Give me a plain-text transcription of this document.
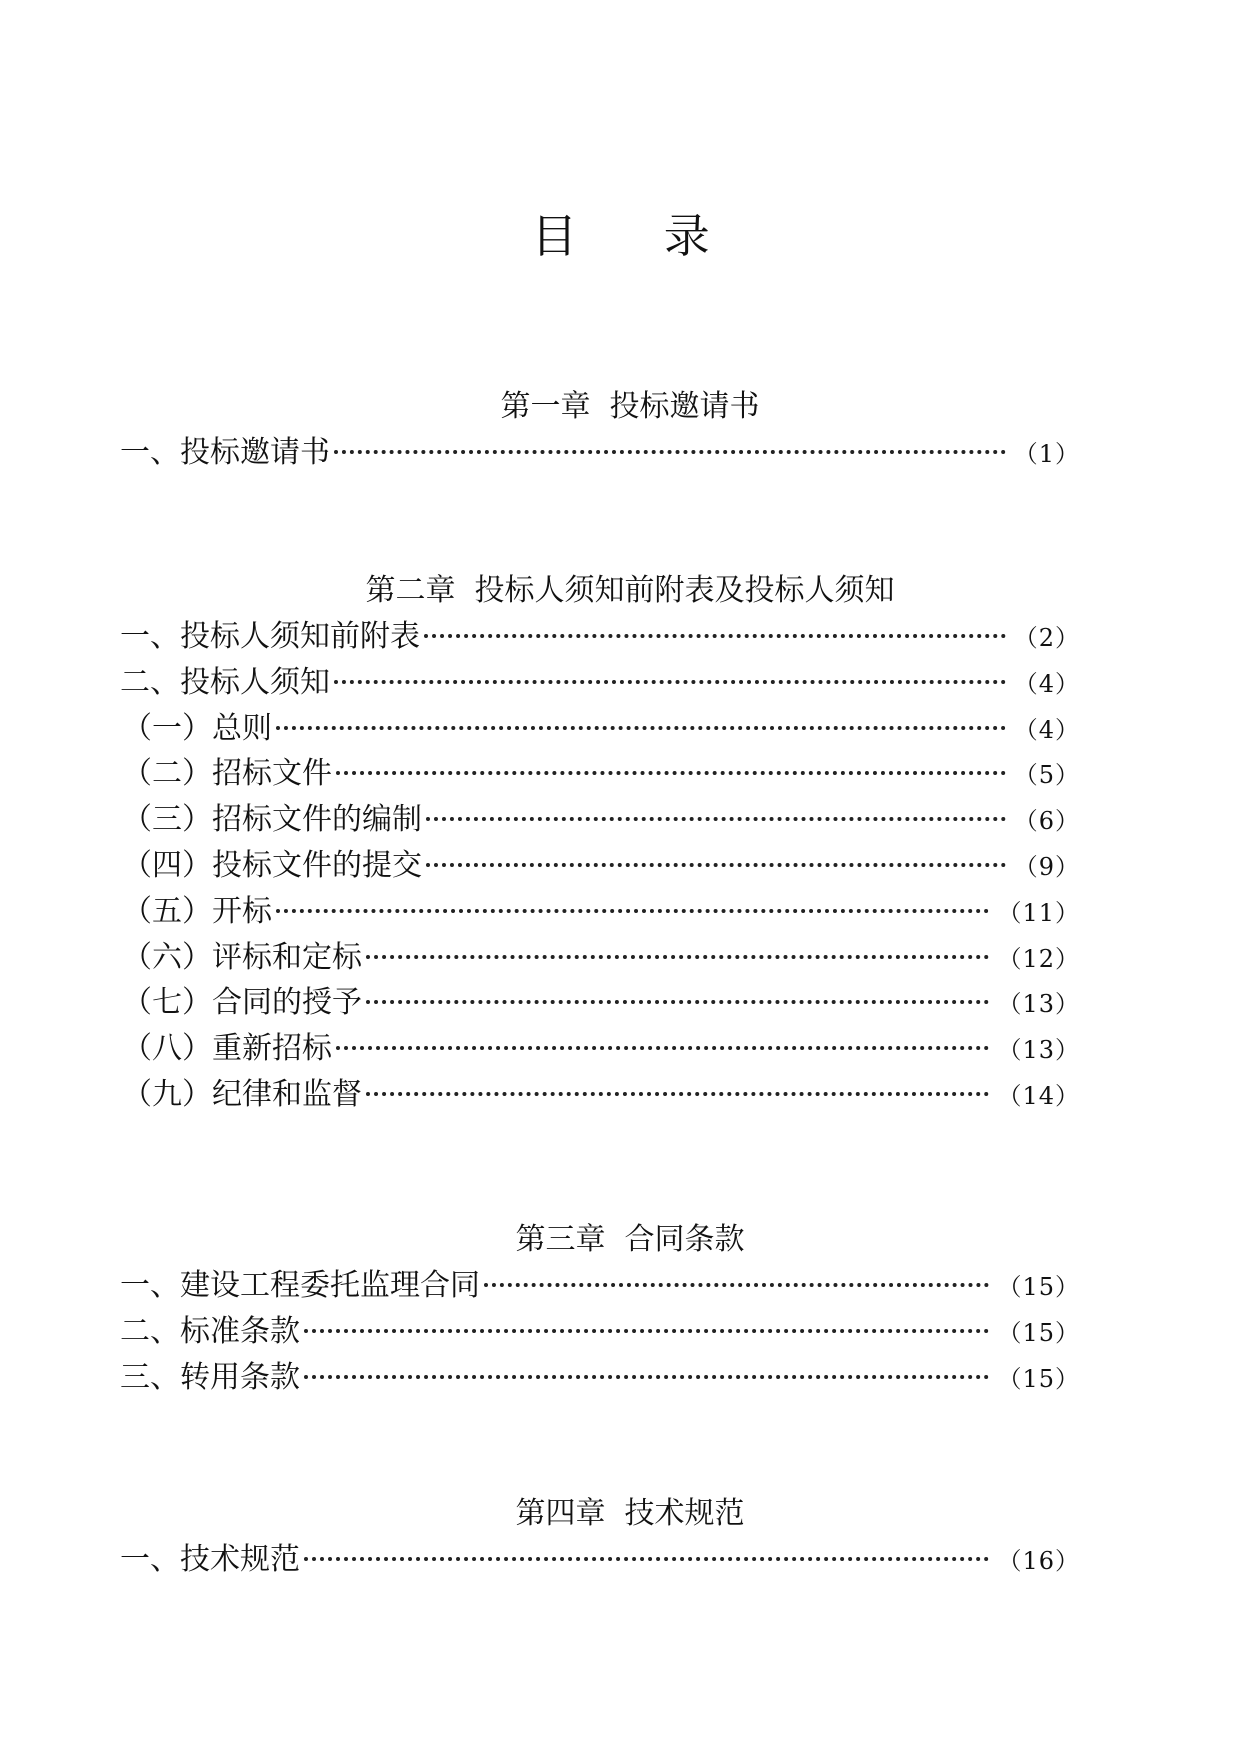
目 录
第一章  投标邀请书
一、投标邀请书	（1）
第二章  投标人须知前附表及投标人须知
一、投标人须知前附表	（2）
二、投标人须知	（4）
（一）总则	（4）
（二）招标文件	（5）
（三）招标文件的编制	（6）
（四）投标文件的提交	（9）
（五）开标	（11）
（六）评标和定标	（12）
（七）合同的授予	（13）
（八）重新招标	（13）
（九）纪律和监督	（14）
第三章  合同条款
一、建设工程委托监理合同	（15）
二、标准条款	（15）
三、转用条款	（15）
第四章  技术规范
一、技术规范	（16）
